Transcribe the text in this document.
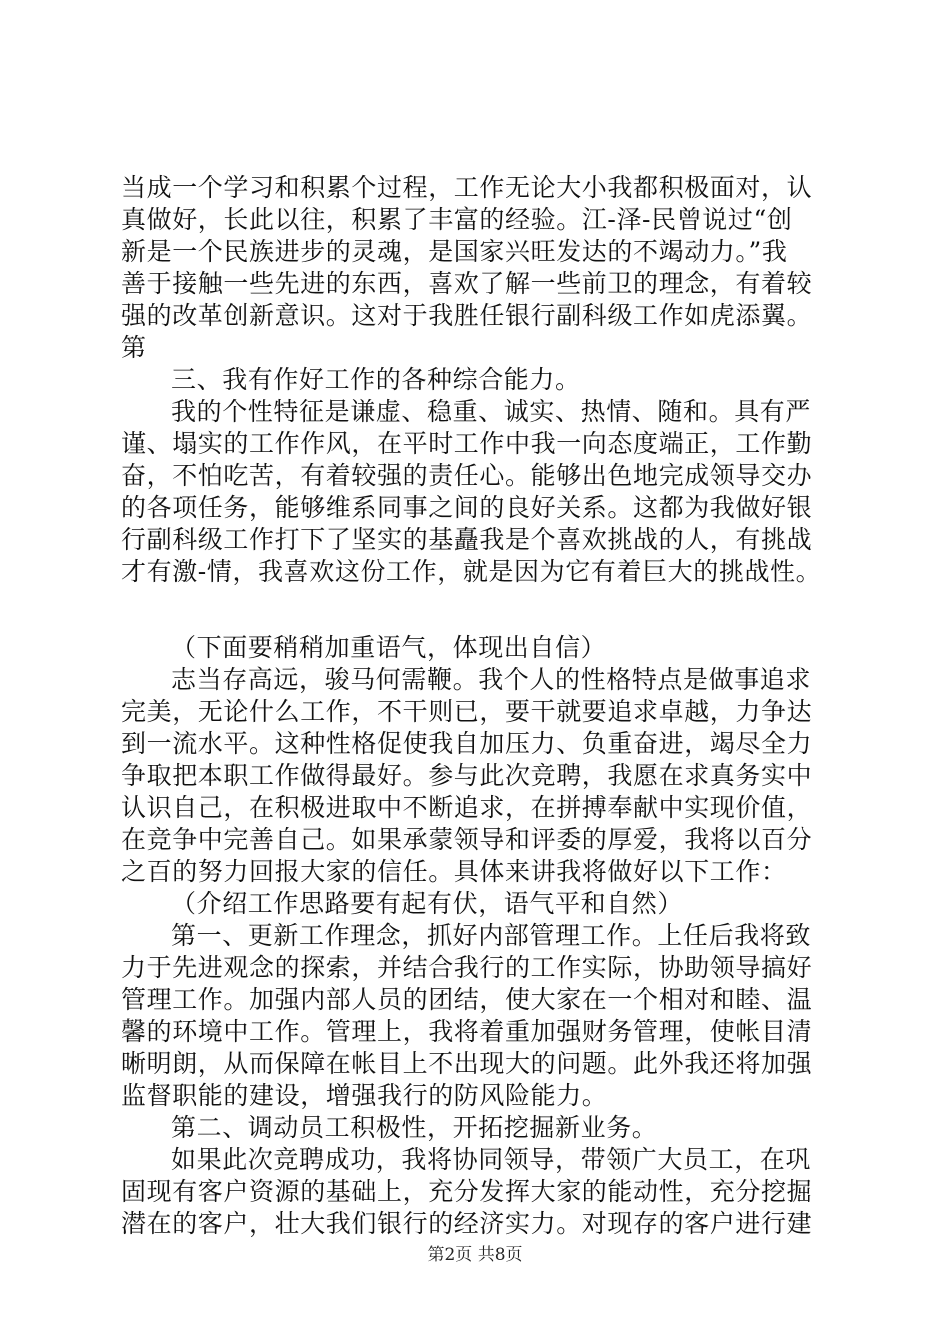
当成一个学习和积累个过程，工作无论大小我都积极面对，认
真做好，长此以往，积累了丰富的经验。江-泽-民曾说过“创
新是一个民族进步的灵魂，是国家兴旺发达的不竭动力。”我
善于接触一些先进的东西，喜欢了解一些前卫的理念，有着较
强的改革创新意识。这对于我胜任银行副科级工作如虎添翼。
第
三、我有作好工作的各种综合能力。
我的个性特征是谦虚、稳重、诚实、热情、随和。具有严
谨、塌实的工作作风，在平时工作中我一向态度端正，工作勤
奋，不怕吃苦，有着较强的责任心。能够出色地完成领导交办
的各项任务，能够维系同事之间的良好关系。这都为我做好银
行副科级工作打下了坚实的基矗我是个喜欢挑战的人，有挑战
才有激-情，我喜欢这份工作，就是因为它有着巨大的挑战性。
（下面要稍稍加重语气，体现出自信）
志当存高远，骏马何需鞭。我个人的性格特点是做事追求
完美，无论什么工作，不干则已，要干就要追求卓越，力争达
到一流水平。这种性格促使我自加压力、负重奋进，竭尽全力
争取把本职工作做得最好。参与此次竞聘，我愿在求真务实中
认识自己，在积极进取中不断追求，在拼搏奉献中实现价值，
在竞争中完善自己。如果承蒙领导和评委的厚爱，我将以百分
之百的努力回报大家的信任。具体来讲我将做好以下工作：
（介绍工作思路要有起有伏，语气平和自然）
第一、更新工作理念，抓好内部管理工作。上任后我将致
力于先进观念的探索，并结合我行的工作实际，协助领导搞好
管理工作。加强内部人员的团结，使大家在一个相对和睦、温
馨的环境中工作。管理上，我将着重加强财务管理，使帐目清
晰明朗，从而保障在帐目上不出现大的问题。此外我还将加强
监督职能的建设，增强我行的防风险能力。
第二、调动员工积极性，开拓挖掘新业务。
如果此次竞聘成功，我将协同领导，带领广大员工，在巩
固现有客户资源的基础上，充分发挥大家的能动性，充分挖掘
潜在的客户，壮大我们银行的经济实力。对现存的客户进行建
第2页 共8页
